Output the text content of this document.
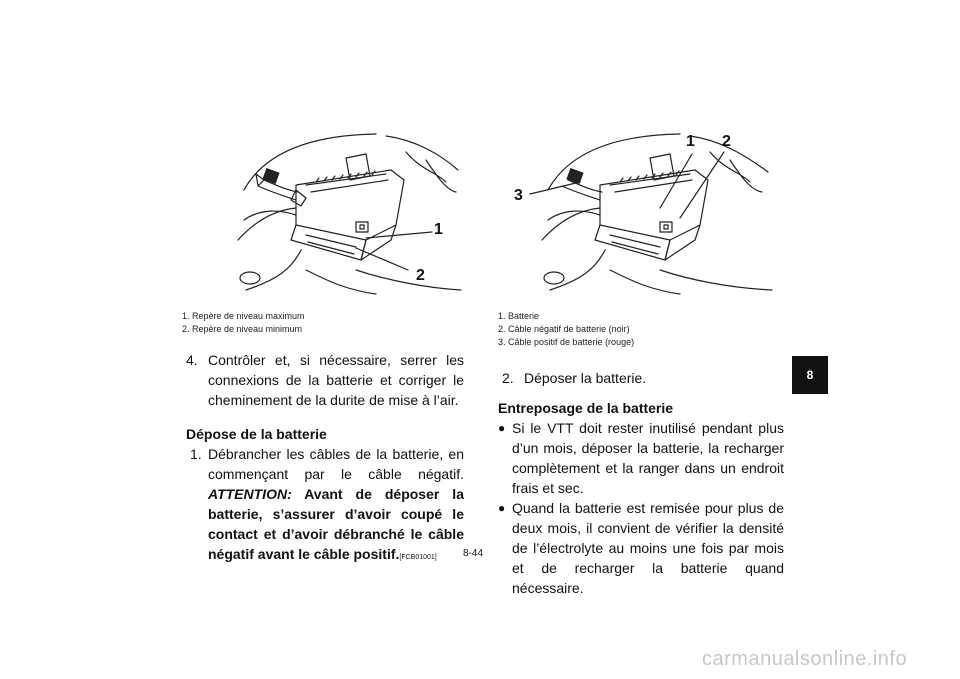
1
2
1 2
3
1. Repère de niveau maximum
2. Repère de niveau minimum
1. Batterie
2. Câble négatif de batterie (noir)
3. Câble positif de batterie (rouge)
4. Contrôler et, si nécessaire, serrer les connexions de la batterie et corriger le cheminement de la durite de mise à l’air.
Dépose de la batterie
1. Débrancher les câbles de la batterie, en commençant par le câble négatif. ATTENTION: Avant de déposer la batterie, s’assurer d’avoir coupé le contact et d’avoir débranché le câble négatif avant le câble positif.[FCB01001]
2. Déposer la batterie.
Entreposage de la batterie
● Si le VTT doit rester inutilisé pendant plus d’un mois, déposer la batterie, la recharger complètement et la ranger dans un endroit frais et sec.
● Quand la batterie est remisée pour plus de deux mois, il convient de vérifier la densité de l’électrolyte au moins une fois par mois et de recharger la batterie quand nécessaire.
8-44
8
carmanualsonline.info
